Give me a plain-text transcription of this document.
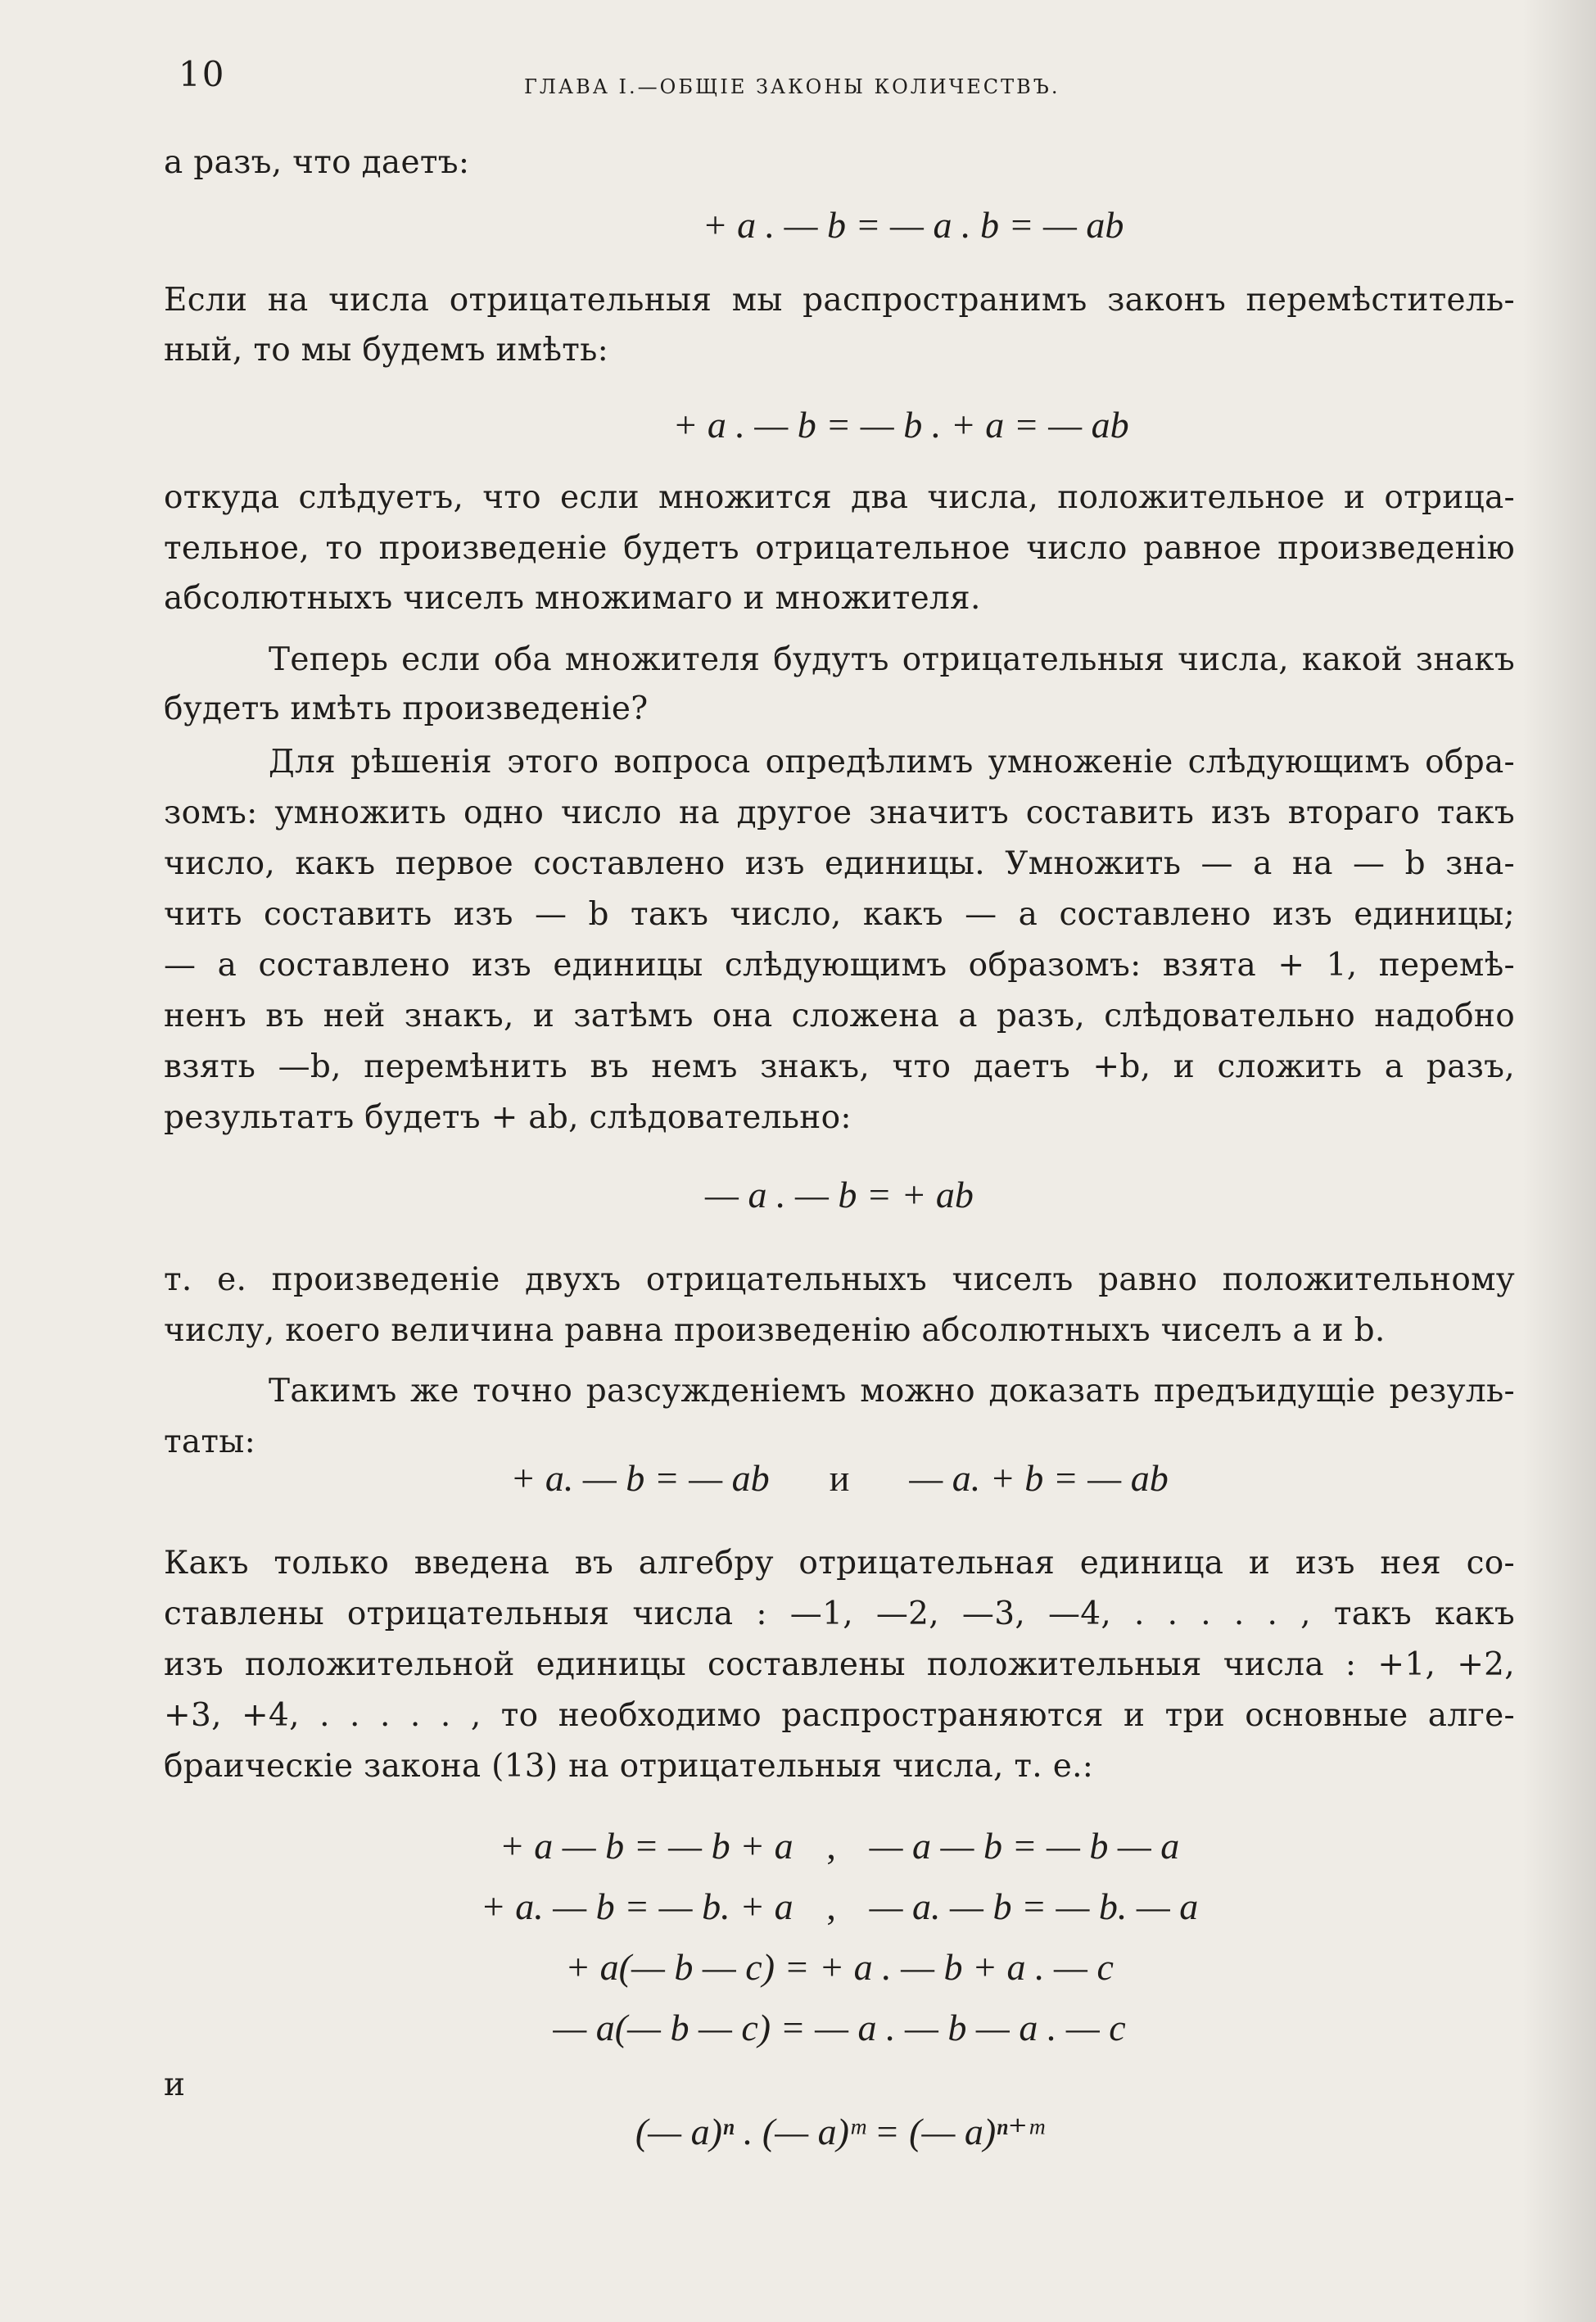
10	ГЛАВА I.—ОБЩІЕ ЗАКОНЫ КОЛИЧЕСТВЪ.
a разъ, что даетъ:
+ a . — b = — a . b = — ab
Если на числа отрицательныя мы распространимъ законъ перемѣститель-
ный, то мы будемъ имѣть:
+ a . — b = — b . + a = — ab
откуда слѣдуетъ, что если множится два числа, положительное и отрица-
тельное, то произведеніе будетъ отрицательное число равное произведенію
абсолютныхъ чиселъ множимаго и множителя.
Теперь если оба множителя будутъ отрицательныя числа, какой знакъ
будетъ имѣть произведеніе?
Для рѣшенія этого вопроса опредѣлимъ умноженіе слѣдующимъ обра-
зомъ: умножить одно число на другое значитъ составить изъ втораго такъ
число, какъ первое составлено изъ единицы. Умножить — a на — b зна-
чить составить изъ — b такъ число, какъ — a составлено изъ единицы;
— a составлено изъ единицы слѣдующимъ образомъ: взята + 1, перемѣ-
ненъ въ ней знакъ, и затѣмъ она сложена a разъ, слѣдовательно надобно
взять —b, перемѣнить въ немъ знакъ, что даетъ +b, и сложить a разъ,
результатъ будетъ + ab, слѣдовательно:
— a . — b = + ab
т. е. произведеніе двухъ отрицательныхъ чиселъ равно положительному
числу, коего величина равна произведенію абсолютныхъ чиселъ a и b.
Такимъ же точно разсужденіемъ можно доказать предъидущіе резуль-
таты:
+ a. — b = — ab и — a. + b = — ab
Какъ только введена въ алгебру отрицательная единица и изъ нея со-
ставлены отрицательныя числа : —1, —2, —3, —4, . . . . . , такъ какъ
изъ положительной единицы составлены положительныя числа : +1, +2,
+3, +4, . . . . . , то необходимо распространяются и три основные алге-
браическіе закона (13) на отрицательныя числа, т. е.:
+ a — b = — b + a , — a — b = — b — a
+ a. — b = — b. + a , — a. — b = — b. — a
+ a(— b — c) = + a . — b + a . — c
— a(— b — c) = — a . — b — a . — c
и
(— a)ⁿ . (— a)ᵐ = (— a)ⁿ⁺ᵐ
